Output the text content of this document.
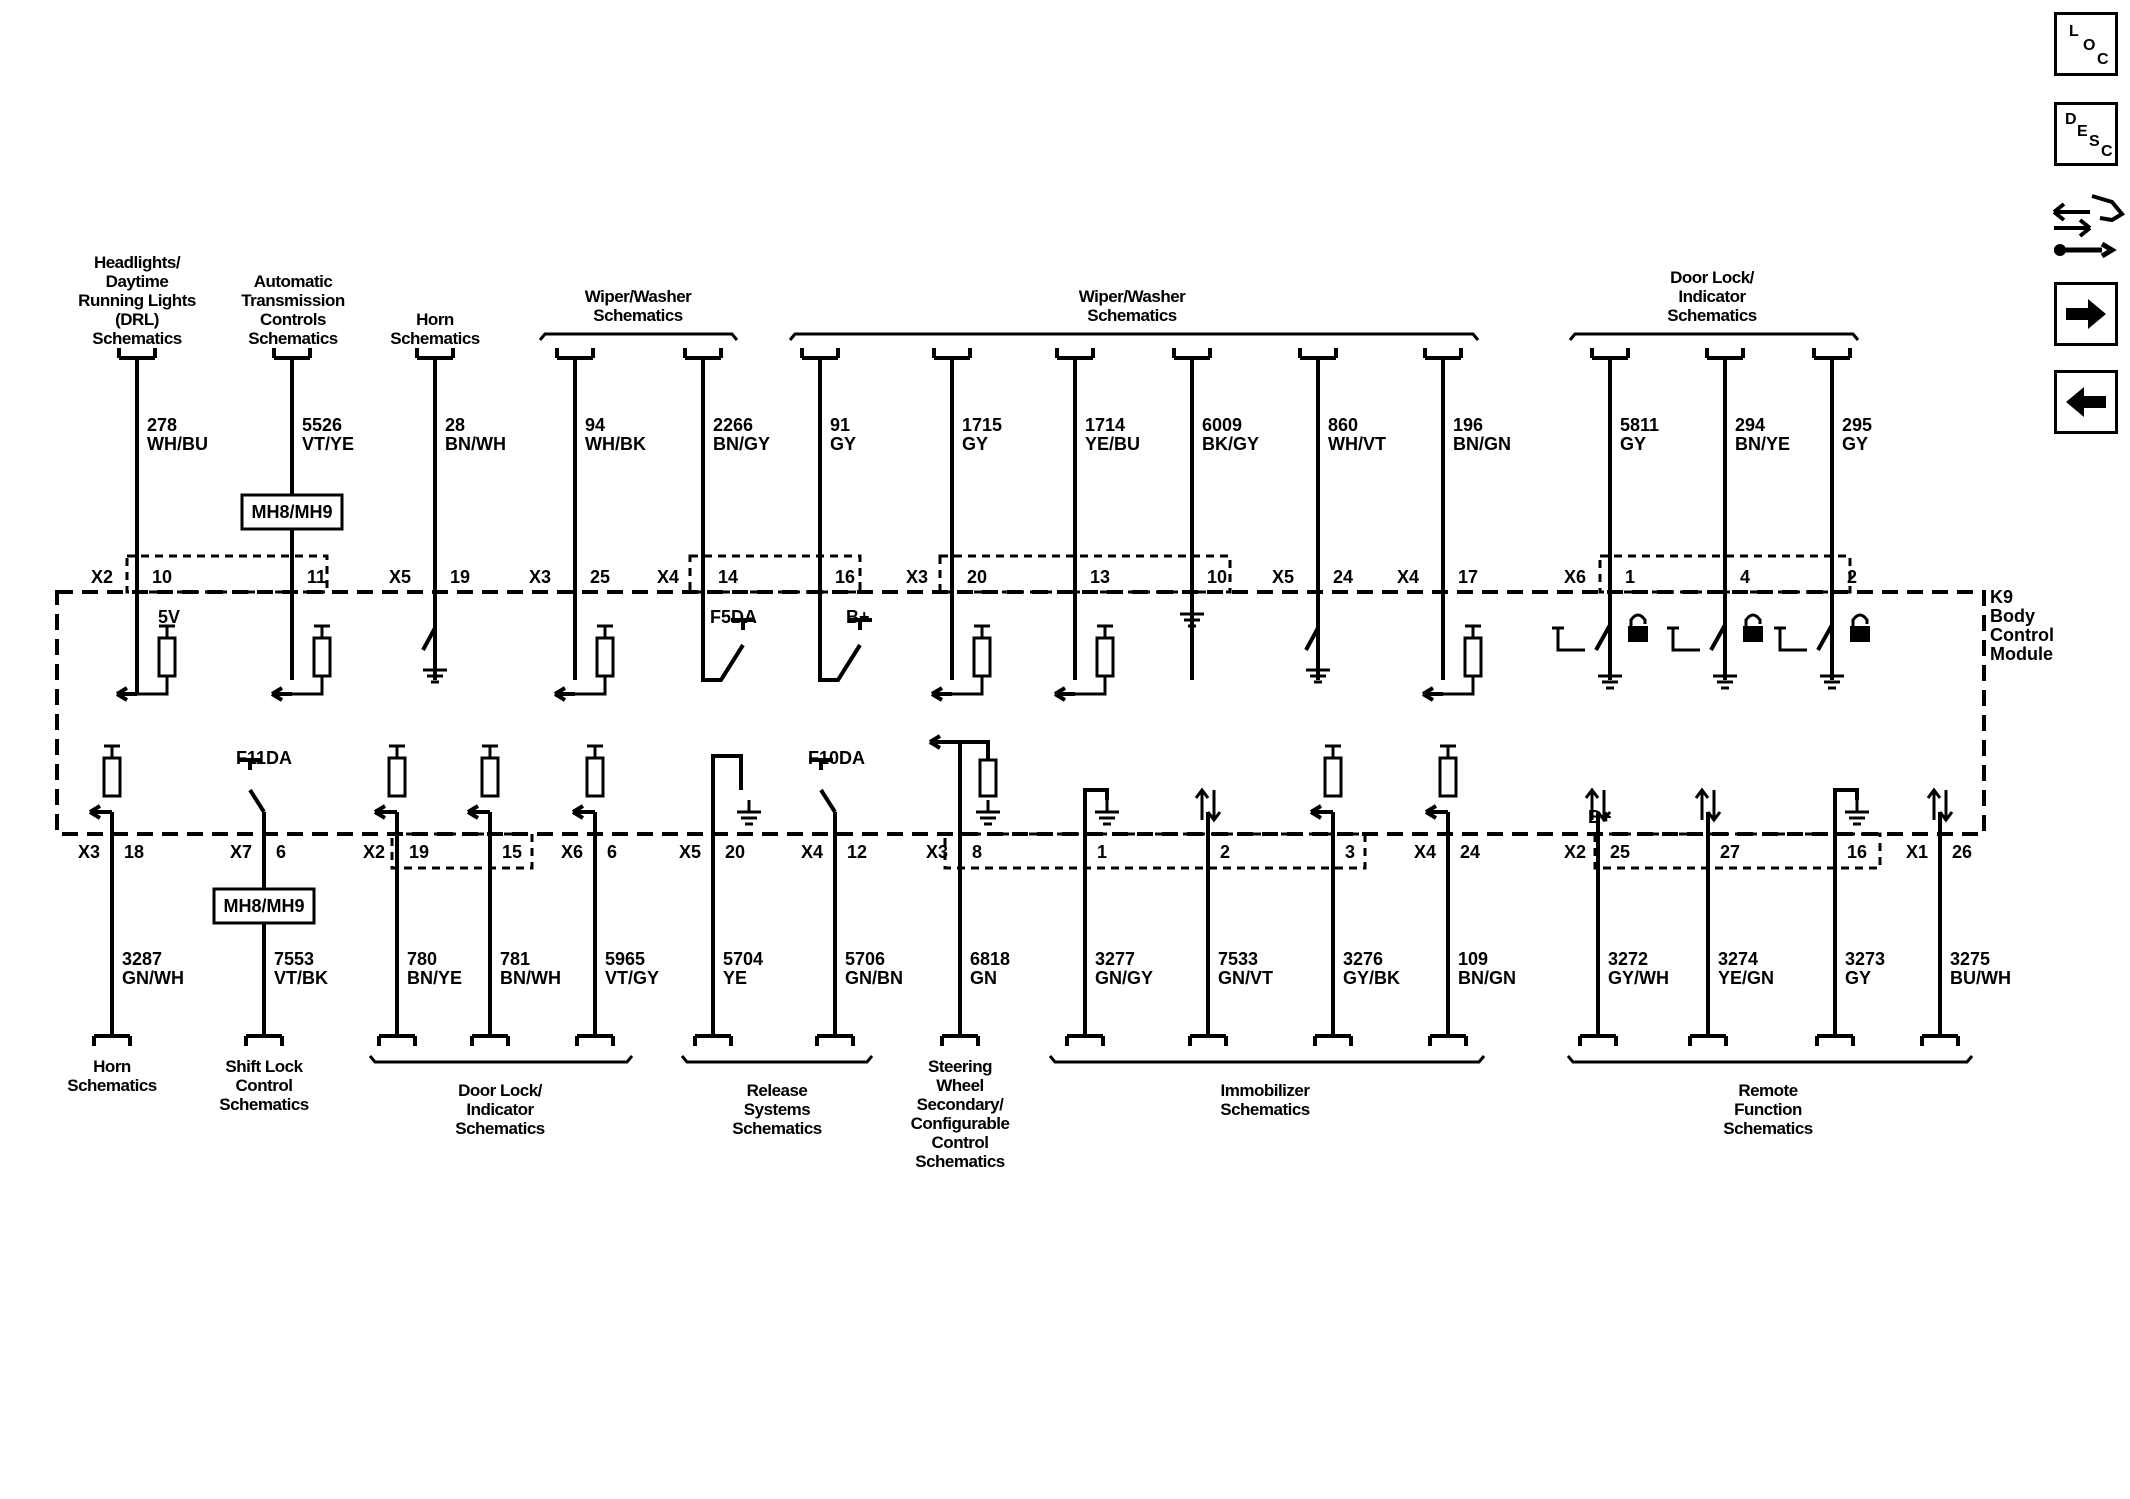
K9
Body
Control
Module
278
WH/BU
X2 10
5526
VT/YE
11
28
BN/WH
X5 19
94
WH/BK
X3 25
2266
BN/GY
X4 14
91
GY
16
1715
GY
X3 20
1714
YE/BU
13
6009
BK/GY
10
860
WH/VT
X5 24
196
BN/GN
X4 17
5811
GY
X6 1
294
BN/YE
4
295
GY
2
3287
GN/WH
X3 18
7553
VT/BK
X7 6
780
BN/YE
X2 19
781
BN/WH
15
5965
VT/GY
X6 6
5704
YE
X5 20
5706
GN/BN
X4 12
6818
GN
X3 8
3277
GN/GY
1
7533
GN/VT
2
3276
GY/BK
3
109
BN/GN
X4 24
3272
GY/WH
X2 25
3274
YE/GN
27
3273
GY
16
3275
BU/WH
X1 26
Headlights/
Daytime
Running Lights
(DRL)
Schematics
Automatic
Transmission
Controls
Schematics
Horn
Schematics
Wiper/Washer
Schematics
Wiper/Washer
Schematics
Door Lock/
Indicator
Schematics
Horn
Schematics
Shift Lock
Control
Schematics
Door Lock/
Indicator
Schematics
Release
Systems
Schematics
Steering
Wheel
Secondary/
Configurable
Control
Schematics
Immobilizer
Schematics
Remote
Function
Schematics
5V	F5DA	B+
F11DA	F10DA
B+
MH8/MH9
MH8/MH9
L
O
C
D
E
S
C
